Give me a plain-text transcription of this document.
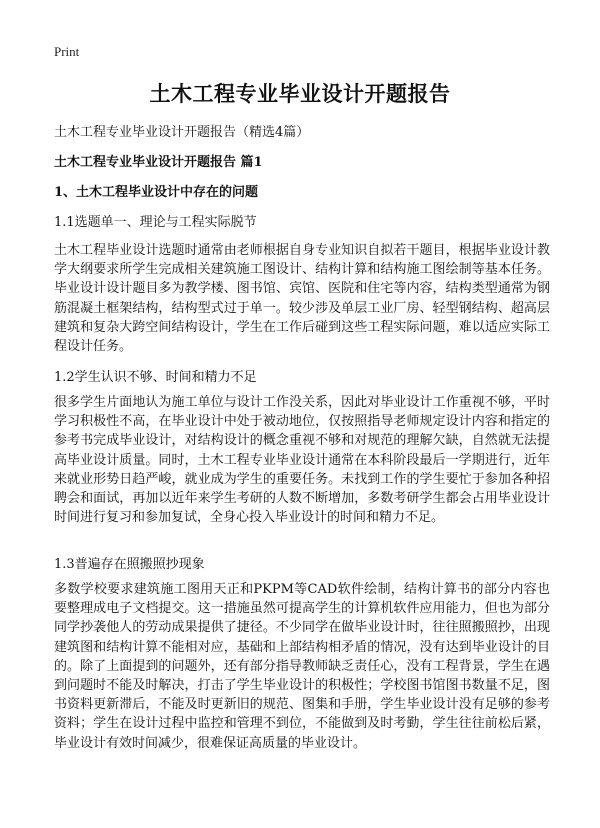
Print
土木工程专业毕业设计开题报告
土木工程专业毕业设计开题报告（精选4篇）
土木工程专业毕业设计开题报告 篇1
1、土木工程毕业设计中存在的问题
1.1选题单一、理论与工程实际脱节
土木工程毕业设计选题时通常由老师根据自身专业知识自拟若干题目，根据毕业设计教学大纲要求所学生完成相关建筑施工图设计、结构计算和结构施工图绘制等基本任务。毕业设计设计题目多为教学楼、图书馆、宾馆、医院和住宅等内容，结构类型通常为钢筋混凝土框架结构，结构型式过于单一。较少涉及单层工业厂房、轻型钢结构、超高层建筑和复杂大跨空间结构设计，学生在工作后碰到这些工程实际问题，难以适应实际工程设计任务。
1.2学生认识不够、时间和精力不足
很多学生片面地认为施工单位与设计工作没关系，因此对毕业设计工作重视不够，平时学习积极性不高，在毕业设计中处于被动地位，仅按照指导老师规定设计内容和指定的参考书完成毕业设计，对结构设计的概念重视不够和对规范的理解欠缺，自然就无法提高毕业设计质量。同时，土木工程专业毕业设计通常在本科阶段最后一学期进行，近年来就业形势日趋严峻，就业成为学生的重要任务。未找到工作的学生要忙于参加各种招聘会和面试，再加以近年来学生考研的人数不断增加，多数考研学生都会占用毕业设计时间进行复习和参加复试，全身心投入毕业设计的时间和精力不足。
1.3普遍存在照搬照抄现象
多数学校要求建筑施工图用天正和PKPM等CAD软件绘制，结构计算书的部分内容也要整理成电子文档提交。这一措施虽然可提高学生的计算机软件应用能力，但也为部分同学抄袭他人的劳动成果提供了捷径。不少同学在做毕业设计时，往往照搬照抄，出现建筑图和结构计算不能相对应，基础和上部结构相矛盾的情况，没有达到毕业设计的目的。除了上面提到的问题外，还有部分指导教师缺乏责任心，没有工程背景，学生在遇到问题时不能及时解决，打击了学生毕业设计的积极性；学校图书馆图书数量不足，图书资料更新滞后，不能及时更新旧的规范、图集和手册，学生毕业设计没有足够的参考资料；学生在设计过程中监控和管理不到位，不能做到及时考勤，学生往往前松后紧，毕业设计有效时间减少，很难保证高质量的毕业设计。
